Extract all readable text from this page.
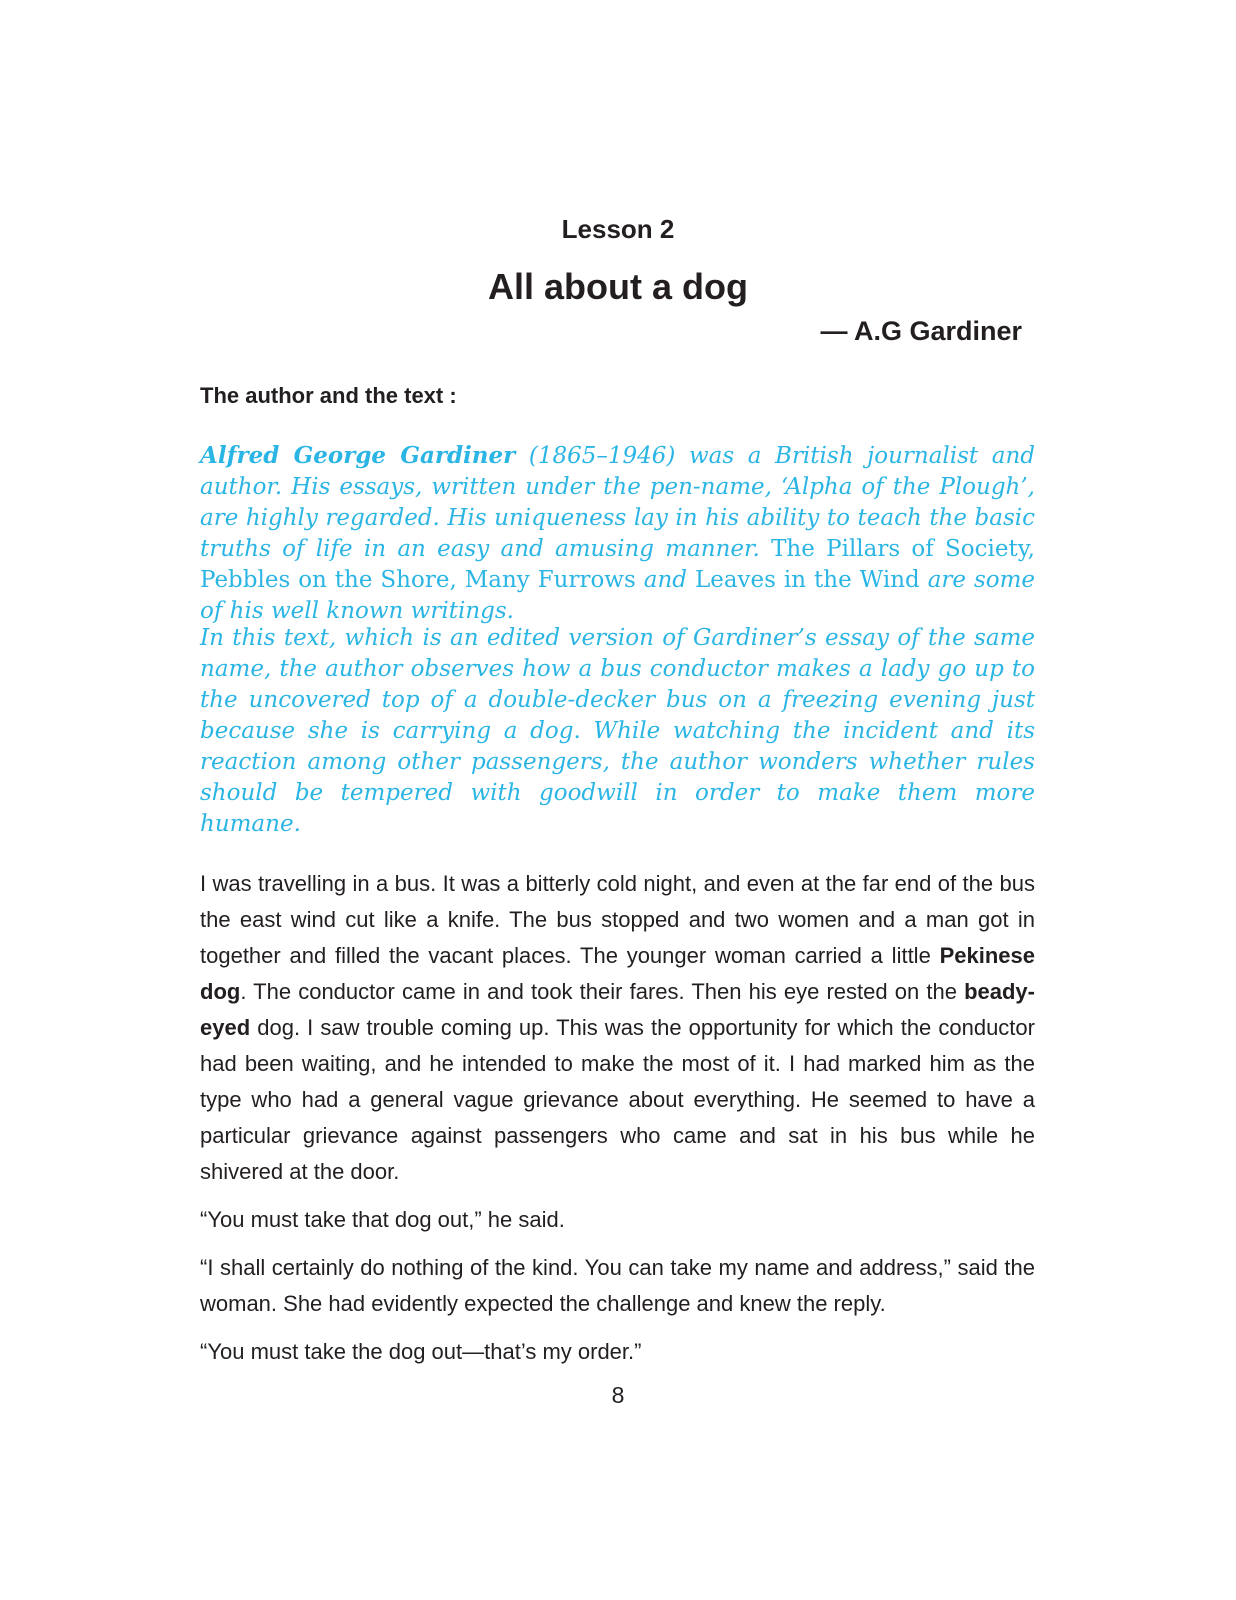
Lesson 2
All about a dog
— A.G Gardiner
The author and the text :
Alfred George Gardiner (1865–1946) was a British journalist and author. His essays, written under the pen-name, ‘Alpha of the Plough’, are highly regarded. His uniqueness lay in his ability to teach the basic truths of life in an easy and amusing manner. The Pillars of Society, Pebbles on the Shore, Many Furrows and Leaves in the Wind are some of his well known writings.
In this text, which is an edited version of Gardiner’s essay of the same name, the author observes how a bus conductor makes a lady go up to the uncovered top of a double-decker bus on a freezing evening just because she is carrying a dog. While watching the incident and its reaction among other passengers, the author wonders whether rules should be tempered with goodwill in order to make them more humane.

I was travelling in a bus. It was a bitterly cold night, and even at the far end of the bus the east wind cut like a knife. The bus stopped and two women and a man got in together and filled the vacant places. The younger woman carried a little Pekinese dog. The conductor came in and took their fares. Then his eye rested on the beady-eyed dog. I saw trouble coming up. This was the opportunity for which the conductor had been waiting, and he intended to make the most of it. I had marked him as the type who had a general vague grievance about everything. He seemed to have a particular grievance against passengers who came and sat in his bus while he shivered at the door.

“You must take that dog out,” he said.

“I shall certainly do nothing of the kind. You can take my name and address,” said the woman. She had evidently expected the challenge and knew the reply.

“You must take the dog out—that’s my order.”

8
